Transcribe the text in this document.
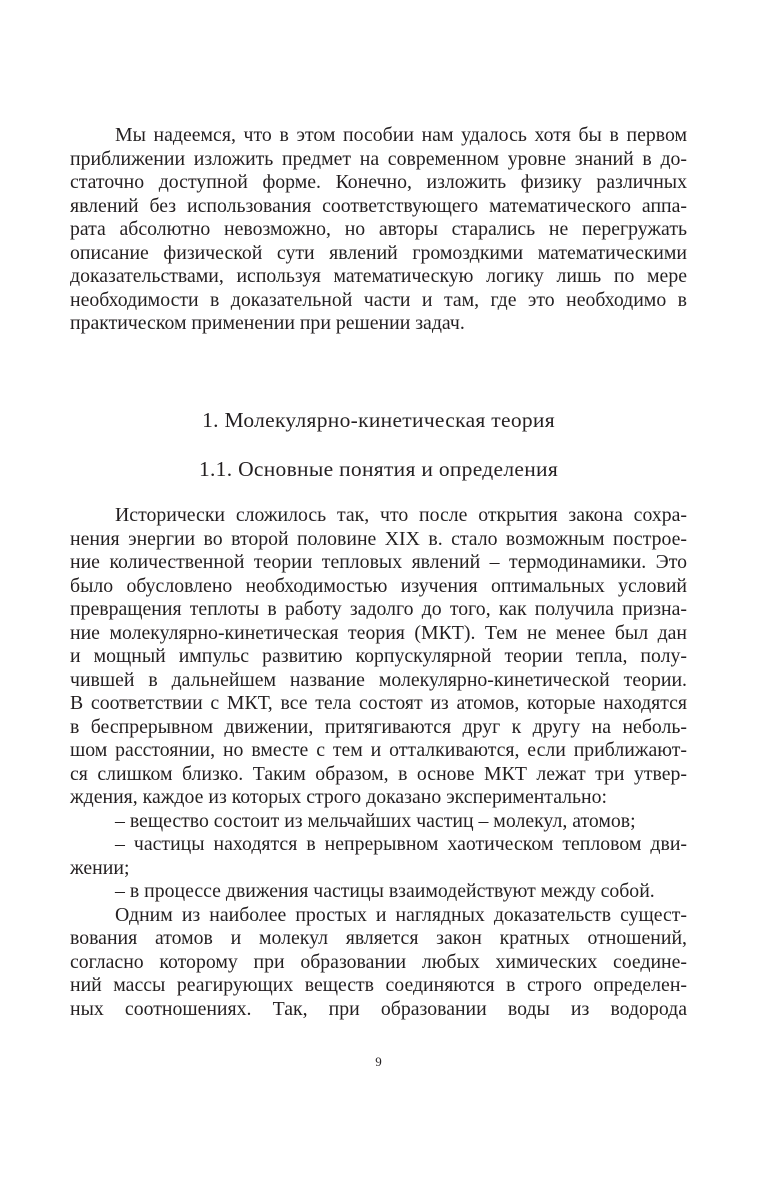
Мы надеемся, что в этом пособии нам удалось хотя бы в первом
приближении изложить предмет на современном уровне знаний в до-
статочно доступной форме. Конечно, изложить физику различных
явлений без использования соответствующего математического аппа-
рата абсолютно невозможно, но авторы старались не перегружать
описание физической сути явлений громоздкими математическими
доказательствами, используя математическую логику лишь по мере
необходимости в доказательной части и там, где это необходимо в
практическом применении при решении задач.
1. Молекулярно-кинетическая теория
1.1. Основные понятия и определения
Исторически сложилось так, что после открытия закона сохра-
нения энергии во второй половине XIX в. стало возможным построе-
ние количественной теории тепловых явлений – термодинамики. Это
было обусловлено необходимостью изучения оптимальных условий
превращения теплоты в работу задолго до того, как получила призна-
ние молекулярно-кинетическая теория (МКТ). Тем не менее был дан
и мощный импульс развитию корпускулярной теории тепла, полу-
чившей в дальнейшем название молекулярно-кинетической теории.
В соответствии с МКТ, все тела состоят из атомов, которые находятся
в беспрерывном движении, притягиваются друг к другу на неболь-
шом расстоянии, но вместе с тем и отталкиваются, если приближают-
ся слишком близко. Таким образом, в основе МКТ лежат три утвер-
ждения, каждое из которых строго доказано экспериментально:
– вещество состоит из мельчайших частиц – молекул, атомов;
– частицы находятся в непрерывном хаотическом тепловом дви-
жении;
– в процессе движения частицы взаимодействуют между собой.
Одним из наиболее простых и наглядных доказательств сущест-
вования атомов и молекул является закон кратных отношений,
согласно которому при образовании любых химических соедине-
ний массы реагирующих веществ соединяются в строго определен-
ных соотношениях. Так, при образовании воды из водорода
9
